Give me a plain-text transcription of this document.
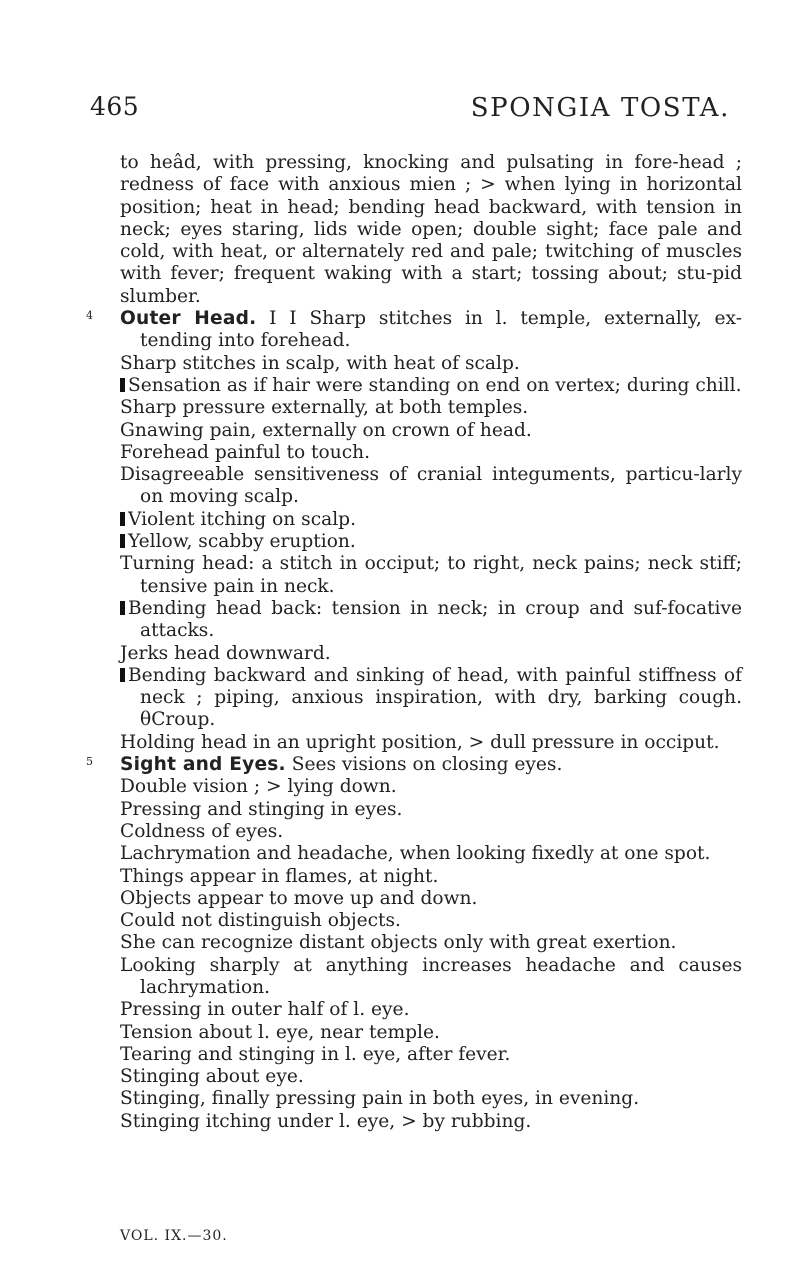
465	SPONGIA TOSTA.

to heâd, with pressing, knocking and pulsating in fore-head ; redness of face with anxious mien ; > when lying in horizontal position; heat in head; bending head backward, with tension in neck; eyes staring, lids wide open; double sight; face pale and cold, with heat, or alternately red and pale; twitching of muscles with fever; frequent waking with a start; tossing about; stu-pid slumber.

4	Outer Head. I I Sharp stitches in l. temple, externally, ex-tending into forehead.

Sharp stitches in scalp, with heat of scalp.

Sensation as if hair were standing on end on vertex; during chill.

Sharp pressure externally, at both temples.

Gnawing pain, externally on crown of head.

Forehead painful to touch.

Disagreeable sensitiveness of cranial integuments, particu-larly on moving scalp.

Violent itching on scalp.

Yellow, scabby eruption.

Turning head: a stitch in occiput; to right, neck pains; neck stiff; tensive pain in neck.

Bending head back: tension in neck; in croup and suf-focative attacks.

Jerks head downward.

Bending backward and sinking of head, with painful stiffness of neck ; piping, anxious inspiration, with dry, barking cough. θCroup.

Holding head in an upright position, > dull pressure in occiput.

5	Sight and Eyes. Sees visions on closing eyes.

Double vision ; > lying down.

Pressing and stinging in eyes.

Coldness of eyes.

Lachrymation and headache, when looking fixedly at one spot.

Things appear in flames, at night.

Objects appear to move up and down.

Could not distinguish objects.

She can recognize distant objects only with great exertion.

Looking sharply at anything increases headache and causes lachrymation.

Pressing in outer half of l. eye.

Tension about l. eye, near temple.

Tearing and stinging in l. eye, after fever.

Stinging about eye.

Stinging, finally pressing pain in both eyes, in evening.

Stinging itching under l. eye, > by rubbing.

VOL. IX.—30.
